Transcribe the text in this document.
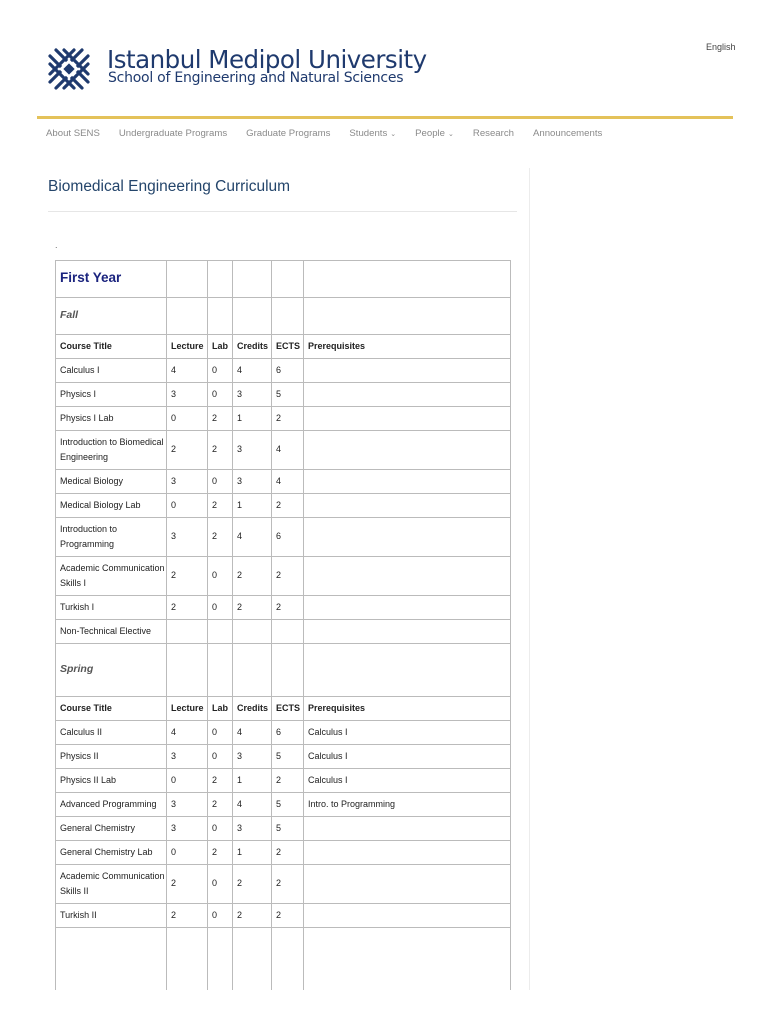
English
Istanbul Medipol University
School of Engineering and Natural Sciences
About SENS Undergraduate Programs Graduate Programs Students ⌄ People ⌄ Research Announcements
Biomedical Engineering Curriculum
.
First Year					
Fall					
Course Title	Lecture	Lab	Credits	ECTS	Prerequisites
Calculus I	4	0	4	6	
Physics I	3	0	3	5	
Physics I Lab	0	2	1	2	
Introduction to Biomedical Engineering	2	2	3	4	
Medical Biology	3	0	3	4	
Medical Biology Lab	0	2	1	2	
Introduction to Programming	3	2	4	6	
Academic Communication Skills I	2	0	2	2	
Turkish I	2	0	2	2	
Non-Technical Elective					
Spring					
Course Title	Lecture	Lab	Credits	ECTS	Prerequisites
Calculus II	4	0	4	6	Calculus I
Physics II	3	0	3	5	Calculus I
Physics II Lab	0	2	1	2	Calculus I
Advanced Programming	3	2	4	5	Intro. to Programming
General Chemistry	3	0	3	5	
General Chemistry Lab	0	2	1	2	
Academic Communication Skills II	2	0	2	2	
Turkish II	2	0	2	2	
